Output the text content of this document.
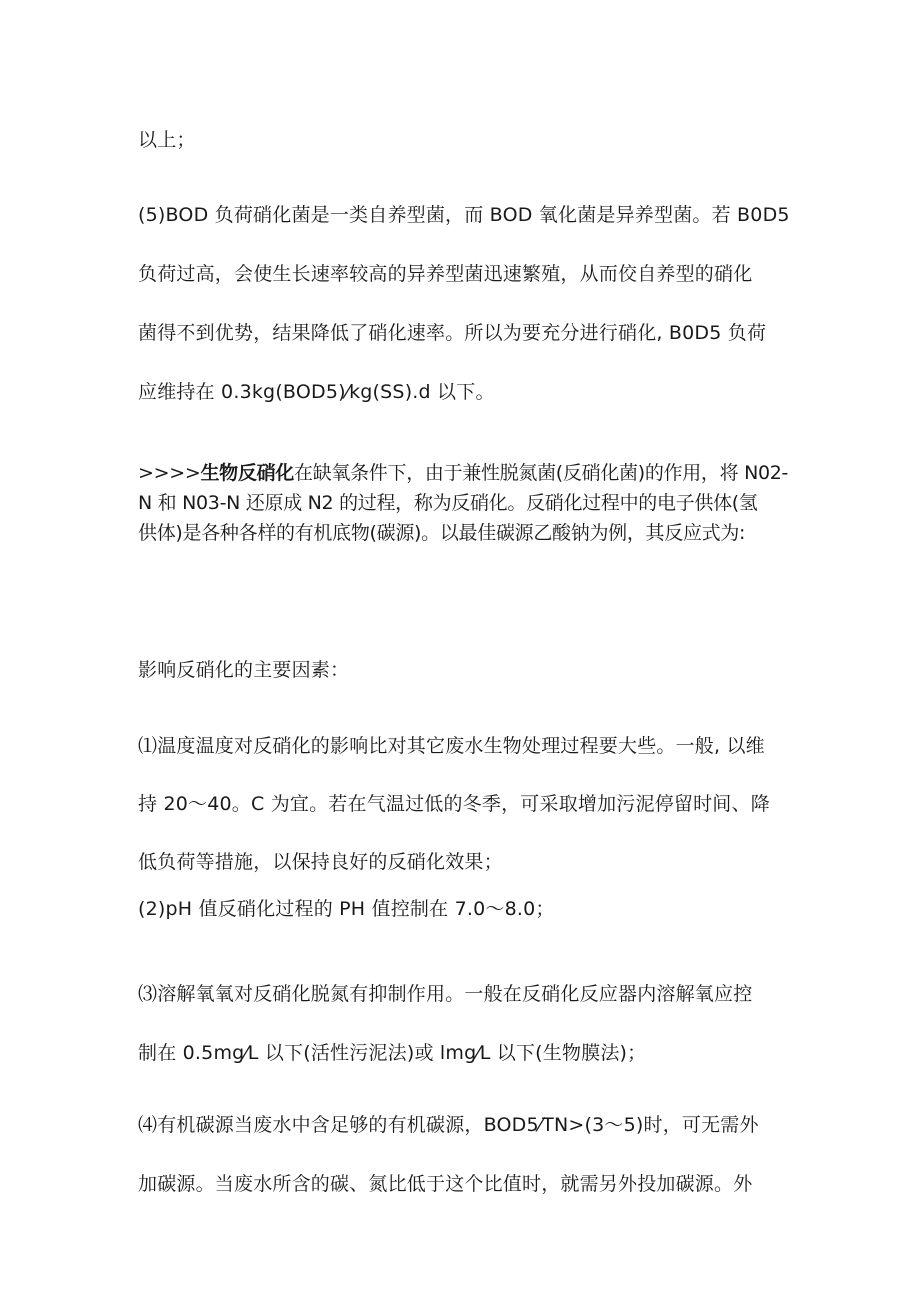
以上；
(5)BOD 负荷硝化菌是一类自养型菌，而 BOD 氧化菌是异养型菌。若 B0D5
负荷过高，会使生长速率较高的异养型菌迅速繁殖，从而佼自养型的硝化
菌得不到优势，结果降低了硝化速率。所以为要充分进行硝化, B0D5 负荷
应维持在 0.3kg(BOD5)⁄kg(SS).d 以下。
>>>>生物反硝化在缺氧条件下，由于兼性脱氮菌(反硝化菌)的作用，将 N02-
N 和 N03-N 还原成 N2 的过程，称为反硝化。反硝化过程中的电子供体(氢
供体)是各种各样的有机底物(碳源)。以最佳碳源乙酸钠为例，其反应式为:
影响反硝化的主要因素：
⑴温度温度对反硝化的影响比对其它废水生物处理过程要大些。一般, 以维
持 20～40。C 为宜。若在气温过低的冬季，可采取增加污泥停留时间、降
低负荷等措施，以保持良好的反硝化效果；
(2)pH 值反硝化过程的 PH 值控制在 7.0～8.0；
⑶溶解氧氧对反硝化脱氮有抑制作用。一般在反硝化反应器内溶解氧应控
制在 0.5mg⁄L 以下(活性污泥法)或 lmg⁄L 以下(生物膜法)；
⑷有机碳源当废水中含足够的有机碳源，BOD5⁄TN>(3～5)时，可无需外
加碳源。当废水所含的碳、氮比低于这个比值时，就需另外投加碳源。外
